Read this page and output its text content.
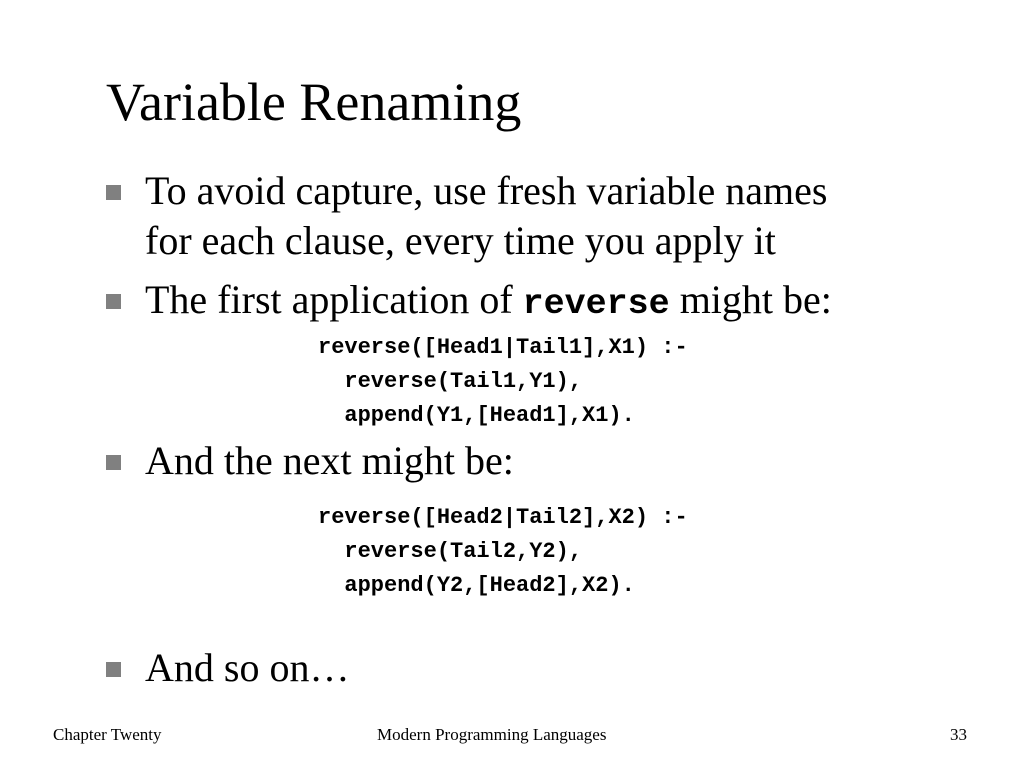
Variable Renaming
To avoid capture, use fresh variable names
for each clause, every time you apply it
The first application of reverse might be:
reverse([Head1|Tail1],X1) :-
reverse(Tail1,Y1),
append(Y1,[Head1],X1).
And the next might be:
reverse([Head2|Tail2],X2) :-
reverse(Tail2,Y2),
append(Y2,[Head2],X2).
And so on…
Chapter Twenty	Modern Programming Languages	33
